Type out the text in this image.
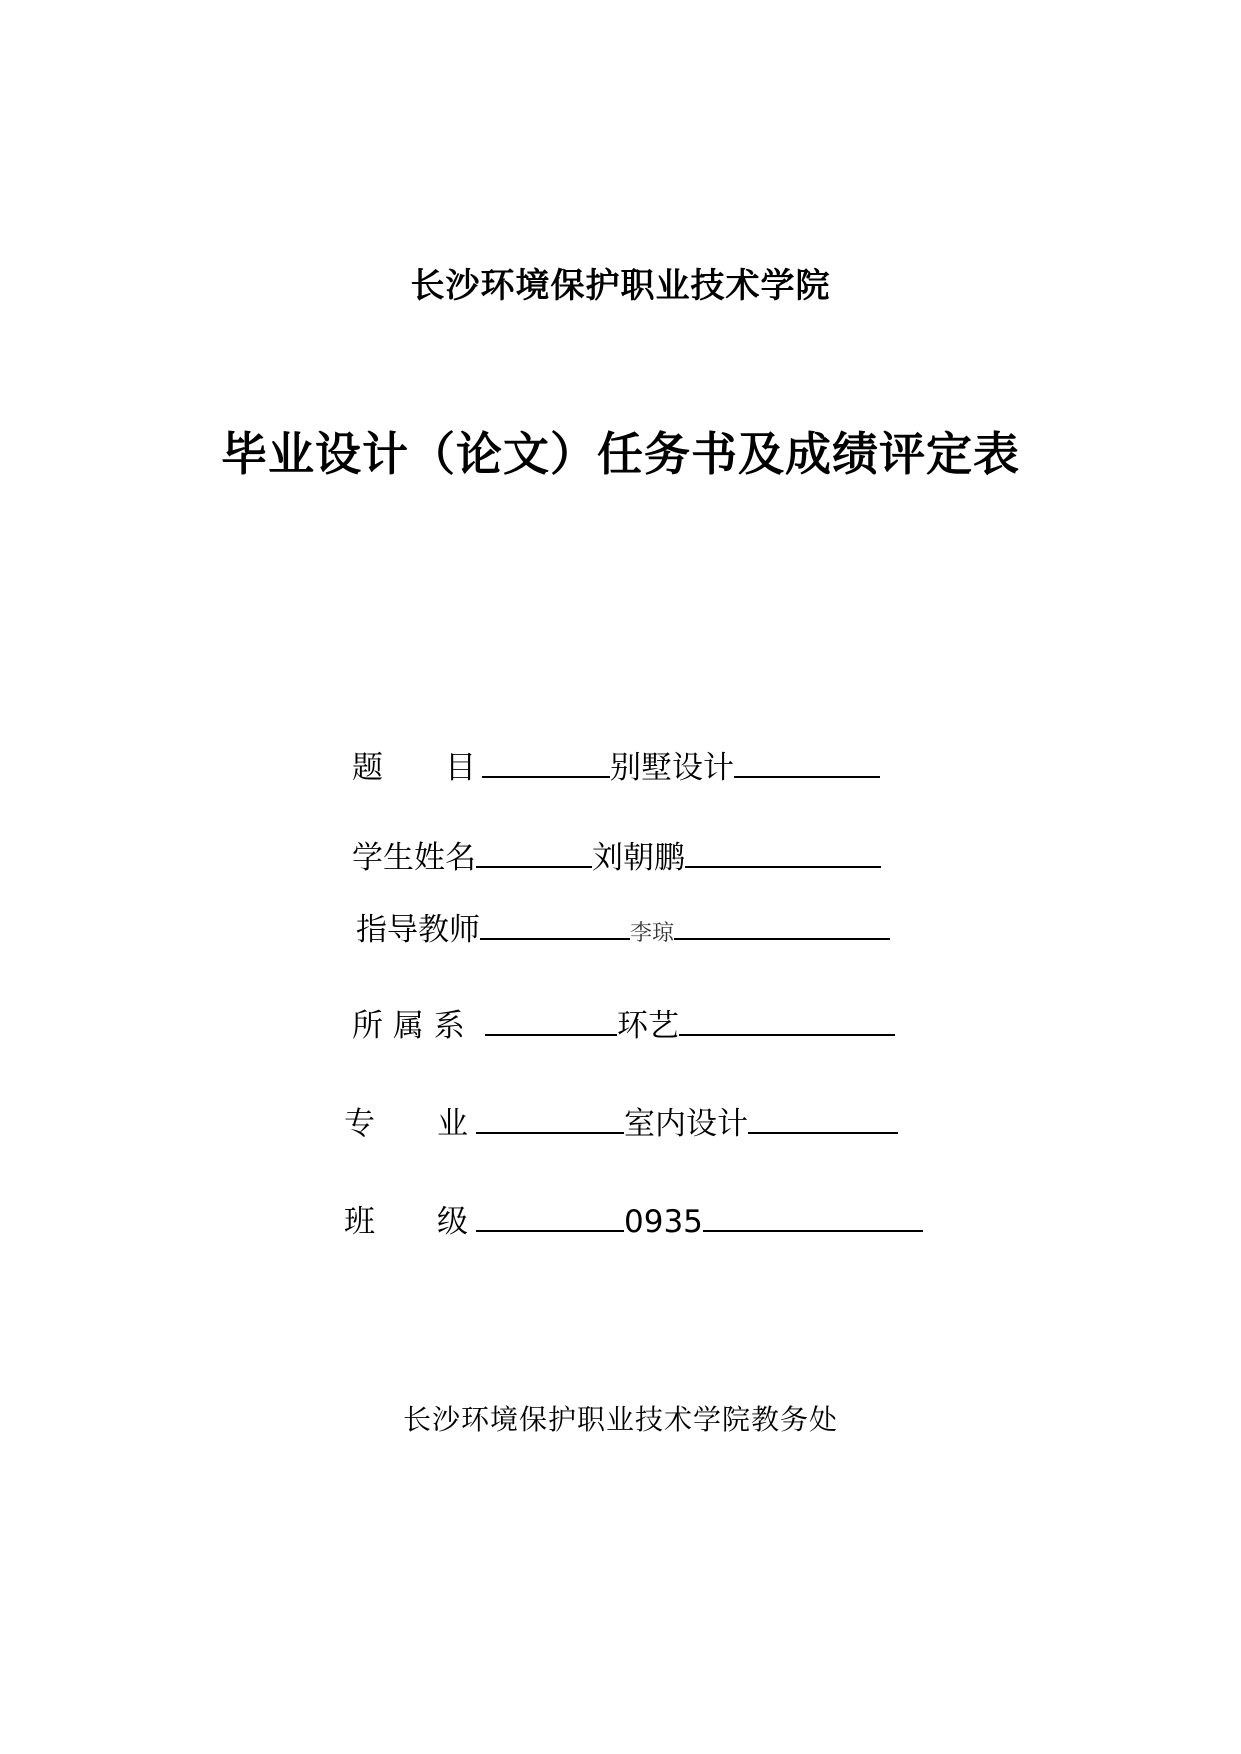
长沙环境保护职业技术学院
毕业设计（论文）任务书及成绩评定表
题　　目	别墅设计
学生姓名	刘朝鹏
指导教师	李琼
所 属 系	环艺
专　　业	室内设计
班　　级	0935
长沙环境保护职业技术学院教务处
